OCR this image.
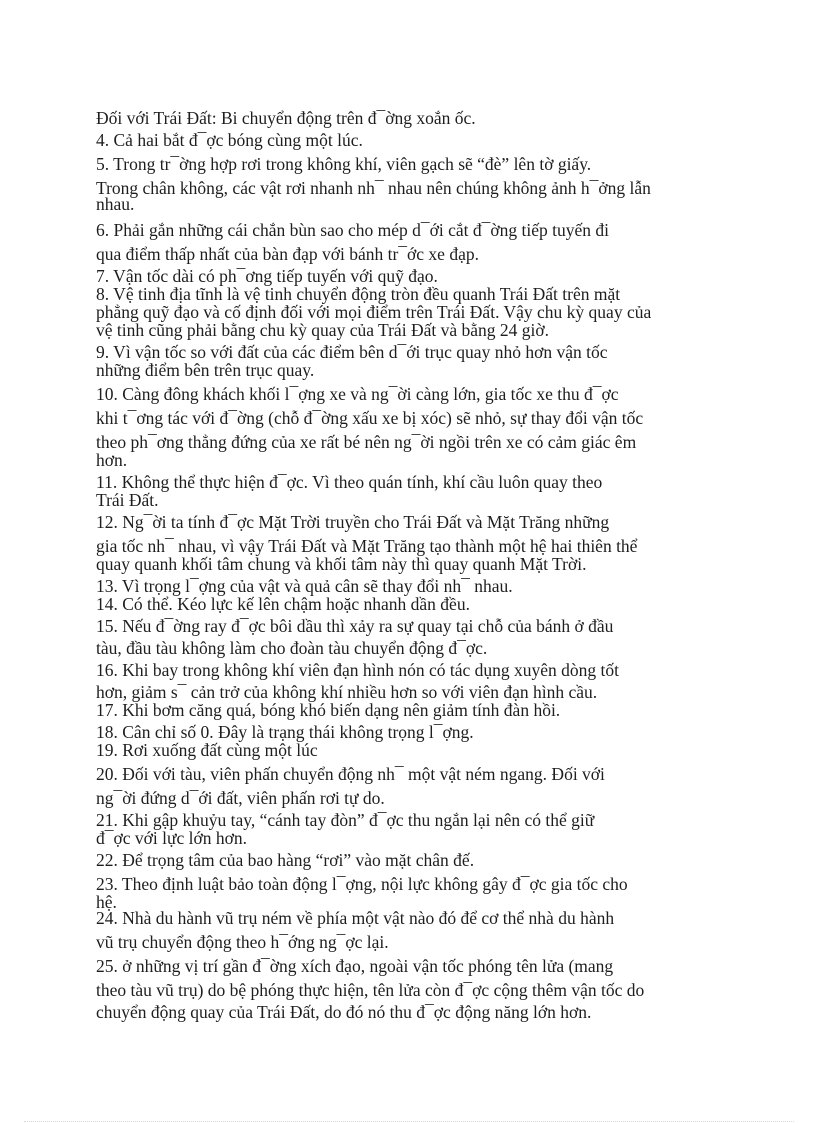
Đối với Trái Đất: Bi chuyển động trên đ¯ờng xoắn ốc.
4. Cả hai bắt đ¯ợc bóng cùng một lúc.
5. Trong tr¯ờng hợp rơi trong không khí, viên gạch sẽ “đè” lên tờ giấy.
Trong chân không, các vật rơi nhanh nh¯ nhau nên chúng không ảnh h¯ởng lẫn
nhau.
6. Phải gắn những cái chắn bùn sao cho mép d¯ới cắt đ¯ờng tiếp tuyến đi
qua điểm thấp nhất của bàn đạp với bánh tr¯ớc xe đạp.
7. Vận tốc dài có ph¯ơng tiếp tuyến với quỹ đạo.
8. Vệ tinh địa tĩnh là vệ tinh chuyển động tròn đều quanh Trái Đất trên mặt
phẳng quỹ đạo và cố định đối với mọi điểm trên Trái Đất. Vậy chu kỳ quay của
vệ tinh cũng phải bằng chu kỳ quay của Trái Đất và bằng 24 giờ.
9. Vì vận tốc so với đất của các điểm bên d¯ới trục quay nhỏ hơn vận tốc
những điểm bên trên trục quay.
10. Càng đông khách khối l¯ợng xe và ng¯ời càng lớn, gia tốc xe thu đ¯ợc
khi t¯ơng tác với đ¯ờng (chỗ đ¯ờng xấu xe bị xóc) sẽ nhỏ, sự thay đổi vận tốc
theo ph¯ơng thẳng đứng của xe rất bé nên ng¯ời ngồi trên xe có cảm giác êm
hơn.
11. Không thể thực hiện đ¯ợc. Vì theo quán tính, khí cầu luôn quay theo
Trái Đất.
12. Ng¯ời ta tính đ¯ợc Mặt Trời truyền cho Trái Đất và Mặt Trăng những
gia tốc nh¯ nhau, vì vậy Trái Đất và Mặt Trăng tạo thành một hệ hai thiên thể
quay quanh khối tâm chung và khối tâm này thì quay quanh Mặt Trời.
13. Vì trọng l¯ợng của vật và quả cân sẽ thay đổi nh¯ nhau.
14. Có thể. Kéo lực kế lên chậm hoặc nhanh dần đều.
15. Nếu đ¯ờng ray đ¯ợc bôi dầu thì xảy ra sự quay tại chỗ của bánh ở đầu
tàu, đầu tàu không làm cho đoàn tàu chuyển động đ¯ợc.
16. Khi bay trong không khí viên đạn hình nón có tác dụng xuyên dòng tốt
hơn, giảm s¯ cản trở của không khí nhiều hơn so với viên đạn hình cầu.
17. Khi bơm căng quá, bóng khó biến dạng nên giảm tính đàn hồi.
18. Cân chỉ số 0. Đây là trạng thái không trọng l¯ợng.
19. Rơi xuống đất cùng một lúc
20. Đối với tàu, viên phấn chuyển động nh¯ một vật ném ngang. Đối với
ng¯ời đứng d¯ới đất, viên phấn rơi tự do.
21. Khi gập khuỷu tay, “cánh tay đòn” đ¯ợc thu ngắn lại nên có thể giữ
đ¯ợc với lực lớn hơn.
22. Để trọng tâm của bao hàng “rơi” vào mặt chân đế.
23. Theo định luật bảo toàn động l¯ợng, nội lực không gây đ¯ợc gia tốc cho
hệ.
24. Nhà du hành vũ trụ ném về phía một vật nào đó để cơ thể nhà du hành
vũ trụ chuyển động theo h¯ớng ng¯ợc lại.
25. ở những vị trí gần đ¯ờng xích đạo, ngoài vận tốc phóng tên lửa (mang
theo tàu vũ trụ) do bệ phóng thực hiện, tên lửa còn đ¯ợc cộng thêm vận tốc do
chuyển động quay của Trái Đất, do đó nó thu đ¯ợc động năng lớn hơn.
